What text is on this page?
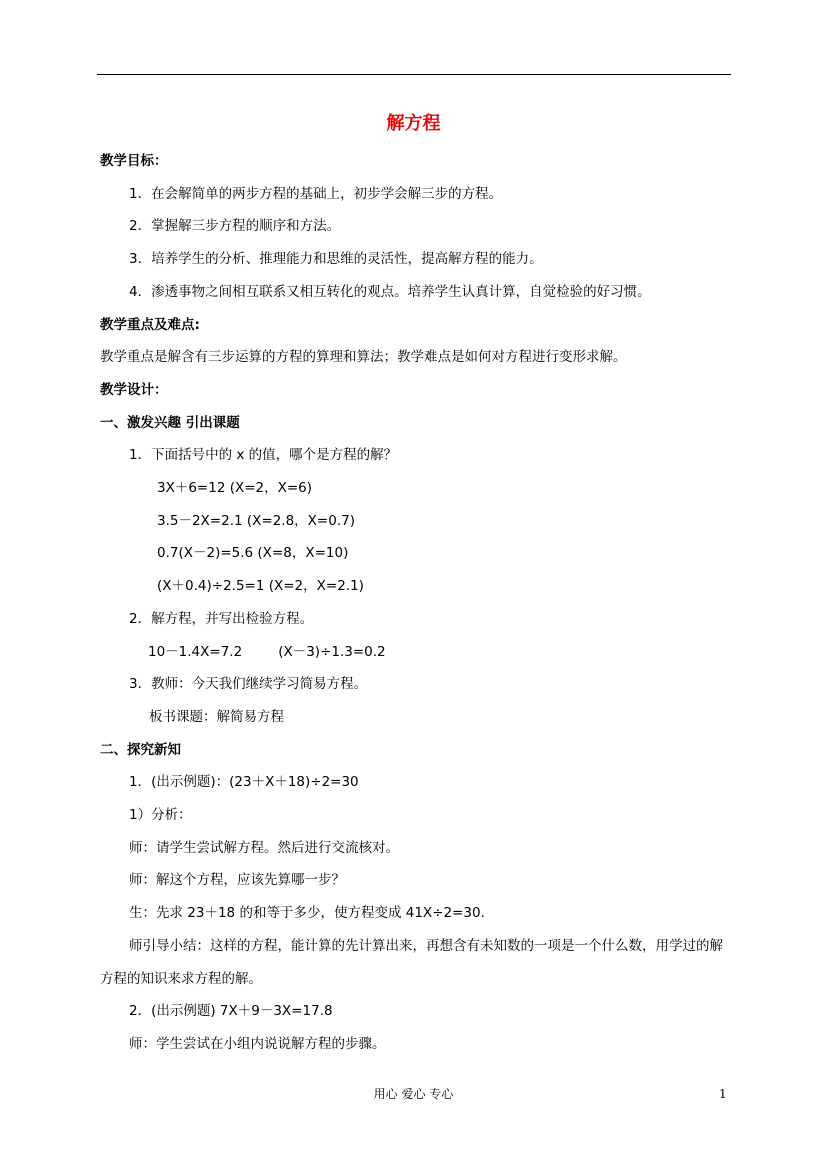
解方程
教学目标：
1．在会解简单的两步方程的基础上，初步学会解三步的方程。
2．掌握解三步方程的顺序和方法。
3．培养学生的分析、推理能力和思维的灵活性，提高解方程的能力。
4．渗透事物之间相互联系又相互转化的观点。培养学生认真计算，自觉检验的好习惯。
教学重点及难点:
教学重点是解含有三步运算的方程的算理和算法；教学难点是如何对方程进行变形求解。
教学设计：
一、激发兴趣 引出课题
1．下面括号中的 x 的值，哪个是方程的解？
3X＋6=12 (X=2，X=6)
3.5－2X=2.1 (X=2.8，X=0.7)
0.7(X－2)=5.6 (X=8，X=10)
(X＋0.4)÷2.5=1 (X=2，X=2.1)
2．解方程，并写出检验方程。
10－1.4X=7.2	(X－3)÷1.3=0.2
3．教师：今天我们继续学习简易方程。
板书课题：解简易方程
二、探究新知
1．(出示例题)：(23＋X＋18)÷2=30
1）分析：
师：请学生尝试解方程。然后进行交流核对。
师：解这个方程，应该先算哪一步？
生：先求 23＋18 的和等于多少，使方程变成 41X÷2=30.
师引导小结：这样的方程，能计算的先计算出来，再想含有未知数的一项是一个什么数，用学过的解方程的知识来求方程的解。
2．(出示例题) 7X＋9－3X=17.8
师：学生尝试在小组内说说解方程的步骤。
用心 爱心 专心	1
